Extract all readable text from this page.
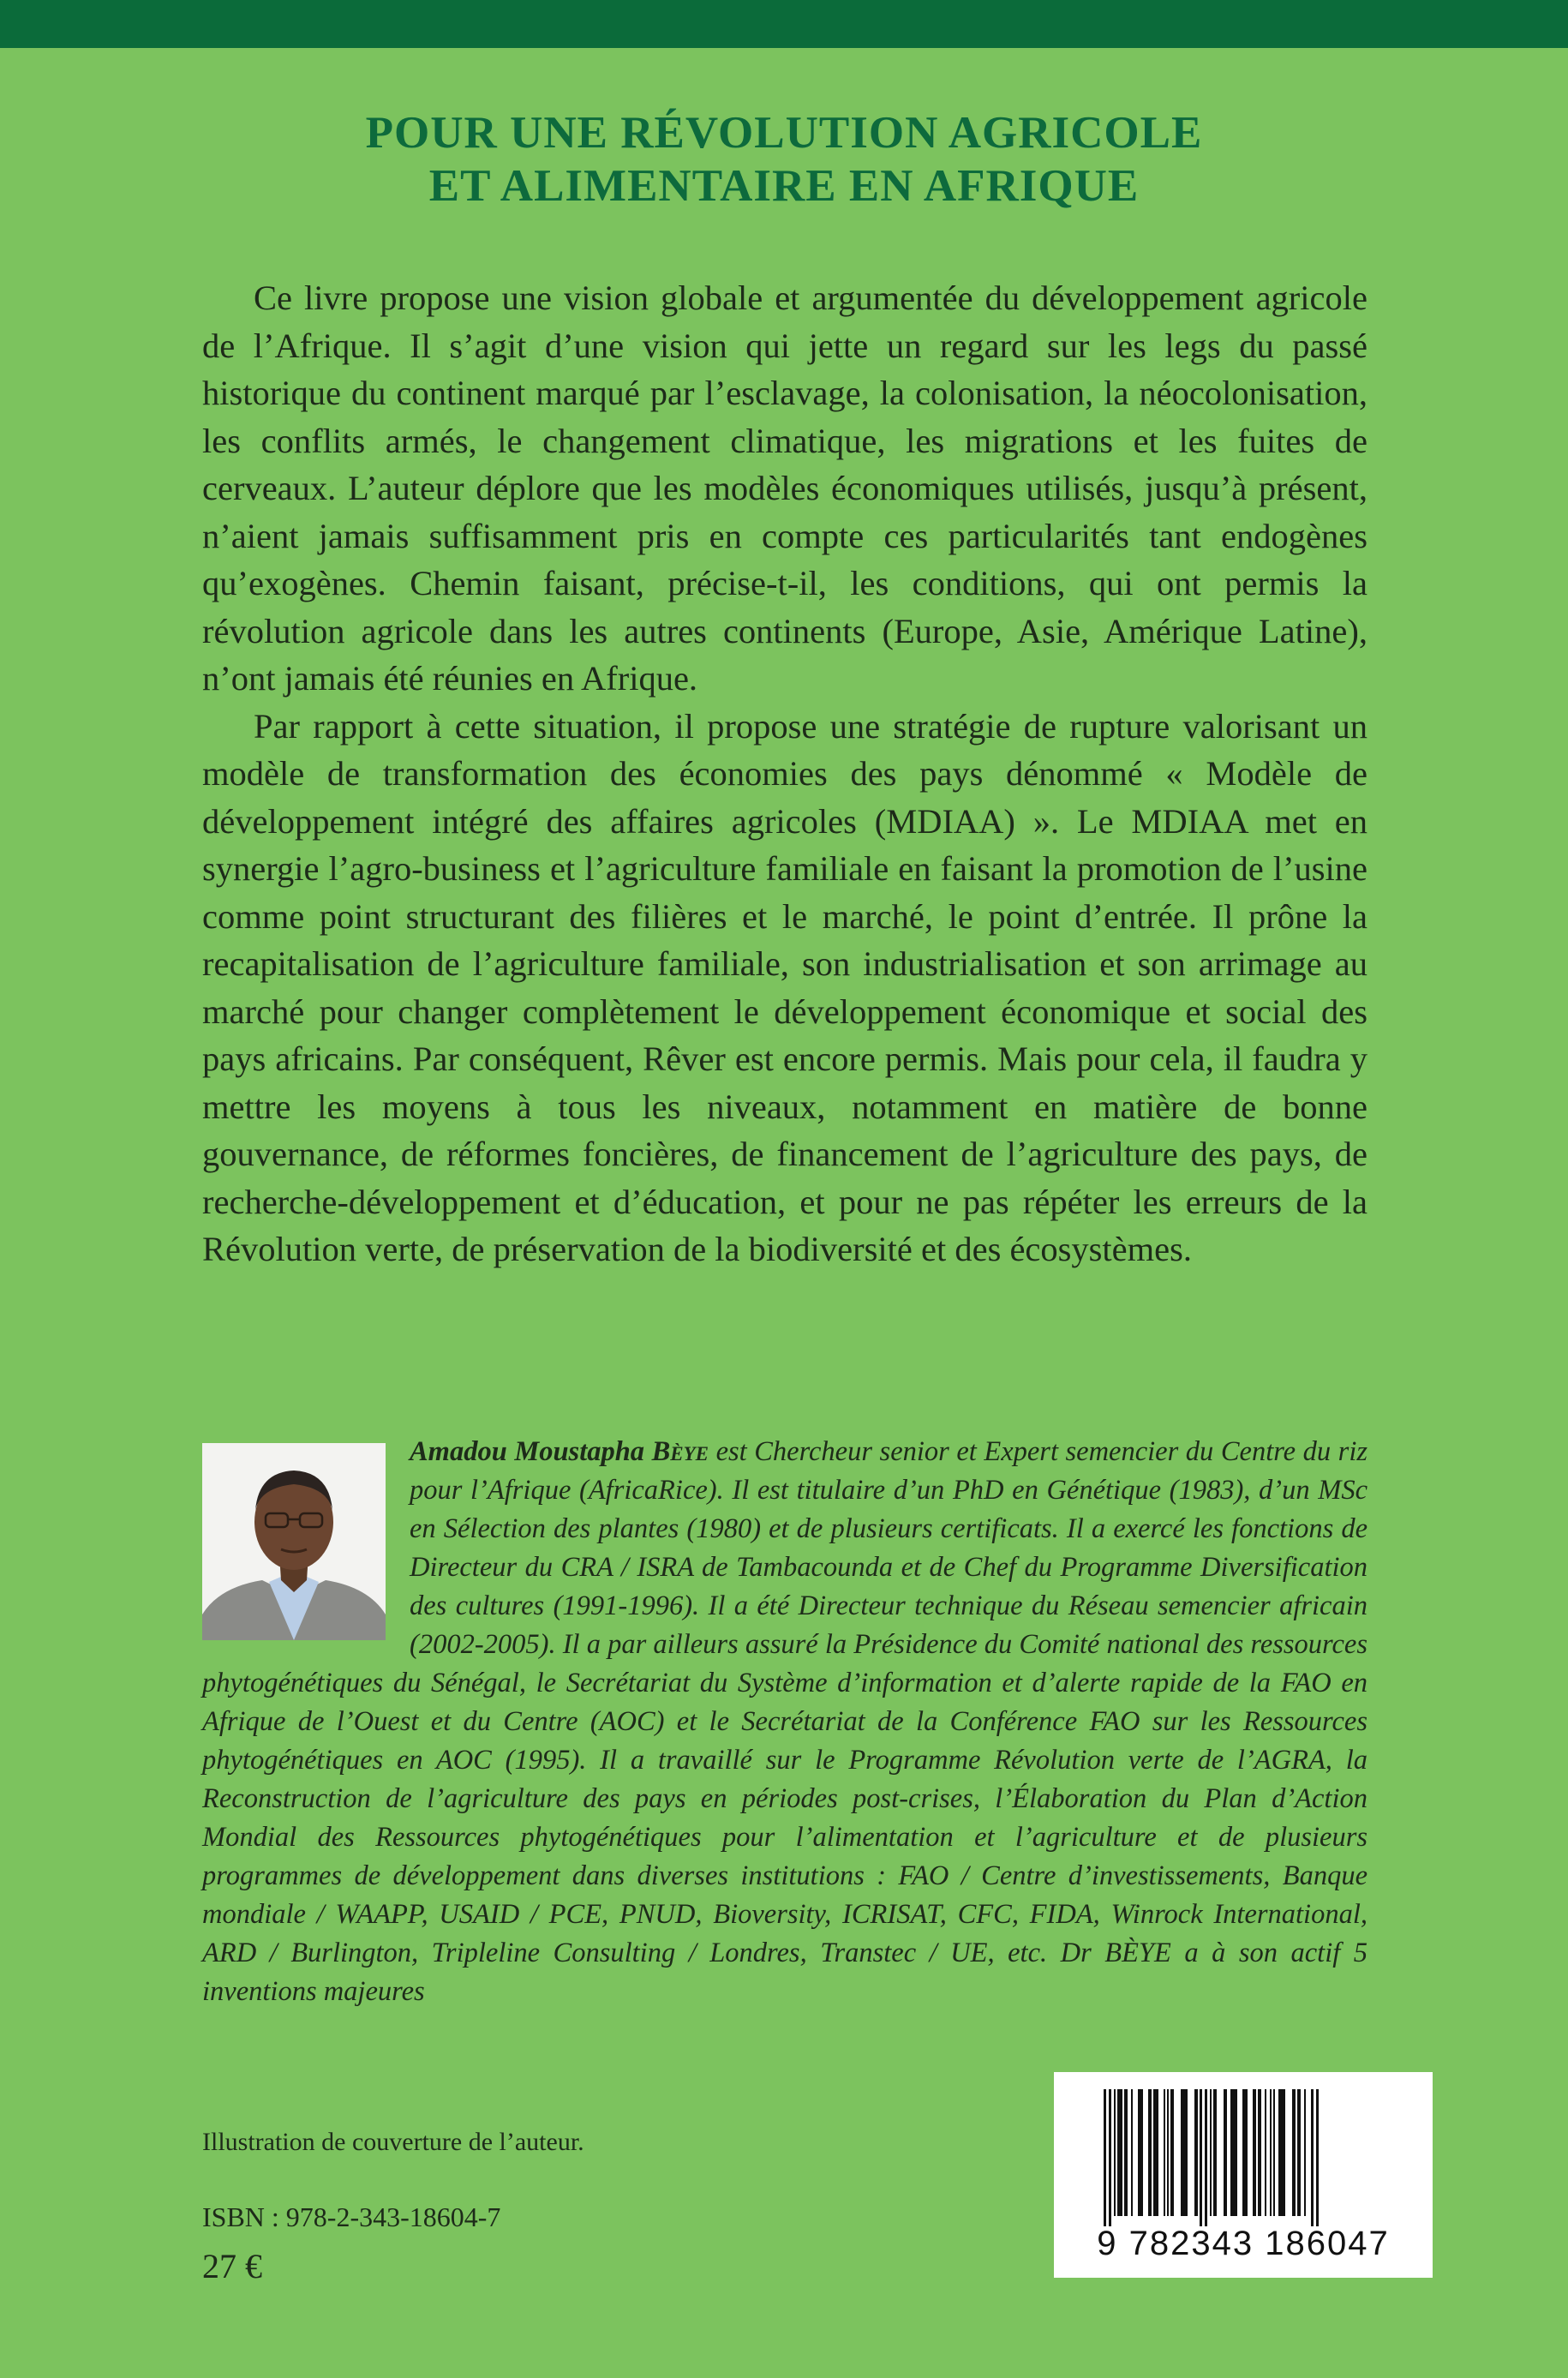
POUR UNE RÉVOLUTION AGRICOLE
ET ALIMENTAIRE EN AFRIQUE

Ce livre propose une vision globale et argumentée du développement agricole de l’Afrique. Il s’agit d’une vision qui jette un regard sur les legs du passé historique du continent marqué par l’esclavage, la colonisation, la néocolonisation, les conflits armés, le changement climatique, les migrations et les fuites de cerveaux. L’auteur déplore que les modèles économiques utilisés, jusqu’à présent, n’aient jamais suffisamment pris en compte ces particularités tant endogènes qu’exogènes. Chemin faisant, précise-t-il, les conditions, qui ont permis la révolution agricole dans les autres continents (Europe, Asie, Amérique Latine), n’ont jamais été réunies en Afrique.

Par rapport à cette situation, il propose une stratégie de rupture valorisant un modèle de transformation des économies des pays dénommé « Modèle de développement intégré des affaires agricoles (MDIAA) ». Le MDIAA met en synergie l’agro-business et l’agriculture familiale en faisant la promotion de l’usine comme point structurant des filières et le marché, le point d’entrée. Il prône la recapitalisation de l’agriculture familiale, son industrialisation et son arrimage au marché pour changer complètement le développement économique et social des pays africains. Par conséquent, Rêver est encore permis. Mais pour cela, il faudra y mettre les moyens à tous les niveaux, notamment en matière de bonne gouvernance, de réformes foncières, de financement de l’agriculture des pays, de recherche-développement et d’éducation, et pour ne pas répéter les erreurs de la Révolution verte, de préservation de la biodiversité et des écosystèmes.

Amadou Moustapha Bèye est Chercheur senior et Expert semencier du Centre du riz pour l’Afrique (AfricaRice). Il est titulaire d’un PhD en Génétique (1983), d’un MSc en Sélection des plantes (1980) et de plusieurs certificats. Il a exercé les fonctions de Directeur du CRA / ISRA de Tambacounda et de Chef du Programme Diversification des cultures (1991-1996). Il a été Directeur technique du Réseau semencier africain (2002-2005). Il a par ailleurs assuré la Présidence du Comité national des ressources phytogénétiques du Sénégal, le Secrétariat du Système d’information et d’alerte rapide de la FAO en Afrique de l’Ouest et du Centre (AOC) et le Secrétariat de la Conférence FAO sur les Ressources phytogénétiques en AOC (1995). Il a travaillé sur le Programme Révolution verte de l’AGRA, la Reconstruction de l’agriculture des pays en périodes post-crises, l’Élaboration du Plan d’Action Mondial des Ressources phytogénétiques pour l’alimentation et l’agriculture et de plusieurs programmes de développement dans diverses institutions : FAO / Centre d’investissements, Banque mondiale / WAAPP, USAID / PCE, PNUD, Bioversity, ICRISAT, CFC, FIDA, Winrock International, ARD / Burlington, Tripleline Consulting / Londres, Transtec / UE, etc. Dr BÈYE a à son actif 5 inventions majeures

Illustration de couverture de l’auteur.
ISBN : 978-2-343-18604-7
27 €
9 782343 186047
